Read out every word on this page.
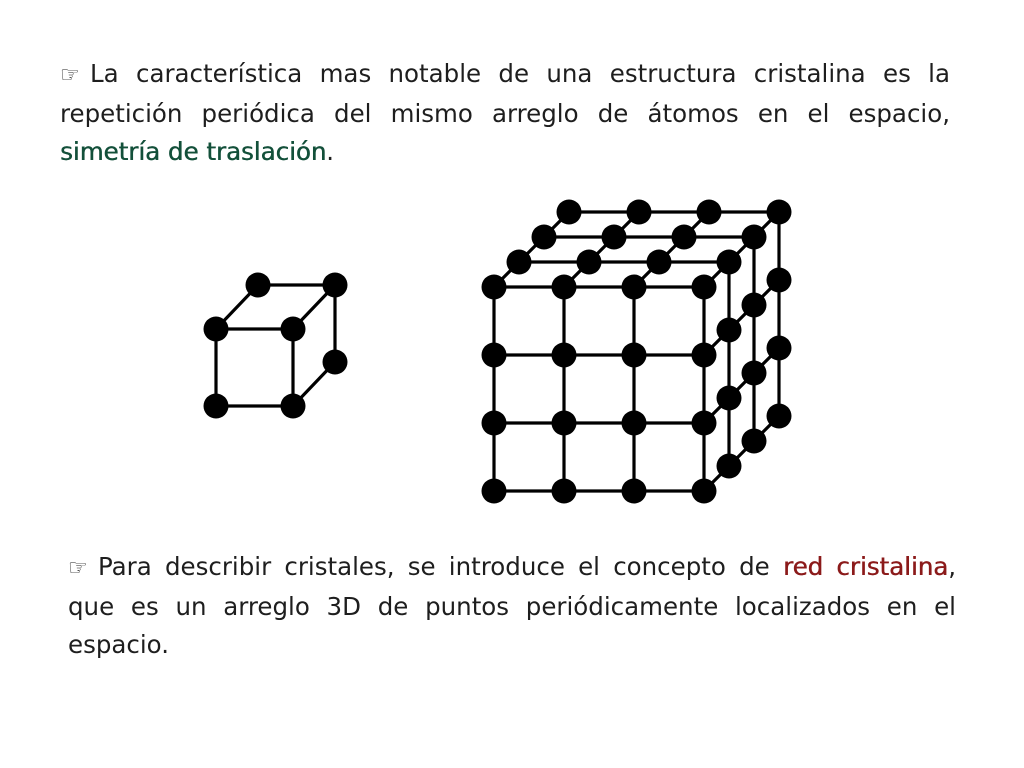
☞ La característica mas notable de una estructura cristalina es la repetición periódica del mismo arreglo de átomos en el espacio, simetría de traslación.

☞ Para describir cristales, se introduce el concepto de red cristalina, que es un arreglo 3D de puntos periódicamente localizados en el espacio.
